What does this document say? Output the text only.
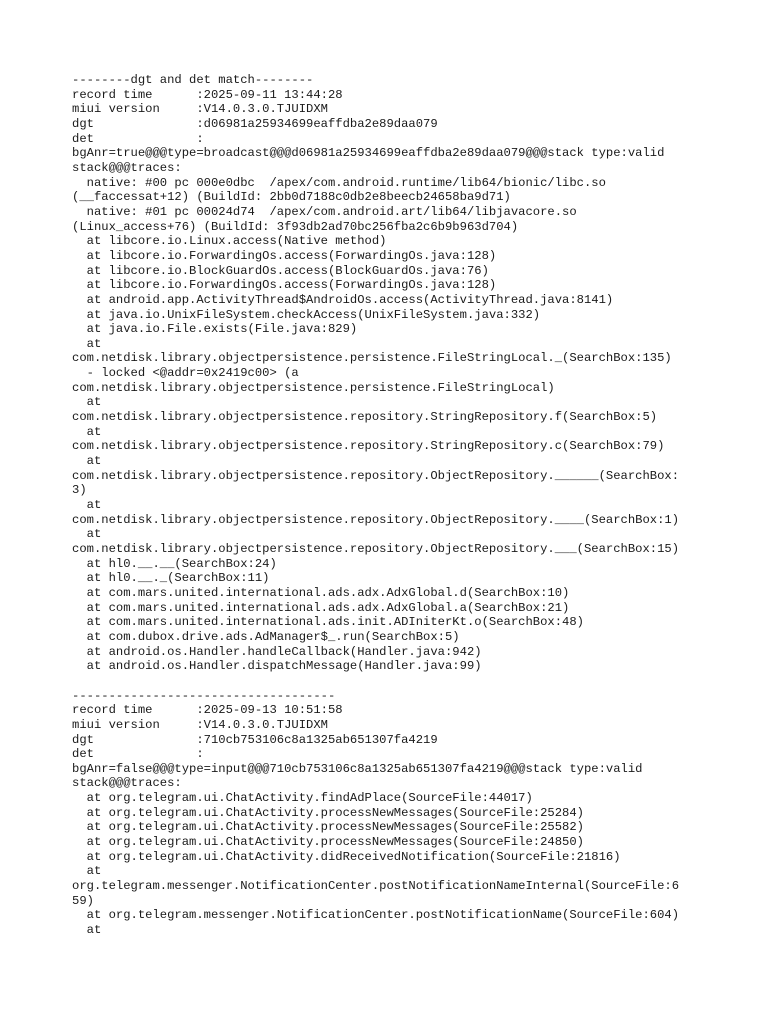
--------dgt and det match--------
record time      :2025-09-11 13:44:28
miui version     :V14.0.3.0.TJUIDXM
dgt              :d06981a25934699eaffdba2e89daa079
det              :
bgAnr=true@@@type=broadcast@@@d06981a25934699eaffdba2e89daa079@@@stack type:valid
stack@@@traces:
native: #00 pc 000e0dbc  /apex/com.android.runtime/lib64/bionic/libc.so
(__faccessat+12) (BuildId: 2bb0d7188c0db2e8beecb24658ba9d71)
native: #01 pc 00024d74  /apex/com.android.art/lib64/libjavacore.so
(Linux_access+76) (BuildId: 3f93db2ad70bc256fba2c6b9b963d704)
at libcore.io.Linux.access(Native method)
at libcore.io.ForwardingOs.access(ForwardingOs.java:128)
at libcore.io.BlockGuardOs.access(BlockGuardOs.java:76)
at libcore.io.ForwardingOs.access(ForwardingOs.java:128)
at android.app.ActivityThread$AndroidOs.access(ActivityThread.java:8141)
at java.io.UnixFileSystem.checkAccess(UnixFileSystem.java:332)
at java.io.File.exists(File.java:829)
at
com.netdisk.library.objectpersistence.persistence.FileStringLocal._(SearchBox:135)
- locked <@addr=0x2419c00> (a
com.netdisk.library.objectpersistence.persistence.FileStringLocal)
at
com.netdisk.library.objectpersistence.repository.StringRepository.f(SearchBox:5)
at
com.netdisk.library.objectpersistence.repository.StringRepository.c(SearchBox:79)
at
com.netdisk.library.objectpersistence.repository.ObjectRepository.______(SearchBox:
3)
at
com.netdisk.library.objectpersistence.repository.ObjectRepository.____(SearchBox:1)
at
com.netdisk.library.objectpersistence.repository.ObjectRepository.___(SearchBox:15)
at hl0.__.__(SearchBox:24)
at hl0.__._(SearchBox:11)
at com.mars.united.international.ads.adx.AdxGlobal.d(SearchBox:10)
at com.mars.united.international.ads.adx.AdxGlobal.a(SearchBox:21)
at com.mars.united.international.ads.init.ADIniterKt.o(SearchBox:48)
at com.dubox.drive.ads.AdManager$_.run(SearchBox:5)
at android.os.Handler.handleCallback(Handler.java:942)
at android.os.Handler.dispatchMessage(Handler.java:99)
------------------------------------
record time      :2025-09-13 10:51:58
miui version     :V14.0.3.0.TJUIDXM
dgt              :710cb753106c8a1325ab651307fa4219
det              :
bgAnr=false@@@type=input@@@710cb753106c8a1325ab651307fa4219@@@stack type:valid
stack@@@traces:
at org.telegram.ui.ChatActivity.findAdPlace(SourceFile:44017)
at org.telegram.ui.ChatActivity.processNewMessages(SourceFile:25284)
at org.telegram.ui.ChatActivity.processNewMessages(SourceFile:25582)
at org.telegram.ui.ChatActivity.processNewMessages(SourceFile:24850)
at org.telegram.ui.ChatActivity.didReceivedNotification(SourceFile:21816)
at
org.telegram.messenger.NotificationCenter.postNotificationNameInternal(SourceFile:6
59)
at org.telegram.messenger.NotificationCenter.postNotificationName(SourceFile:604)
at
